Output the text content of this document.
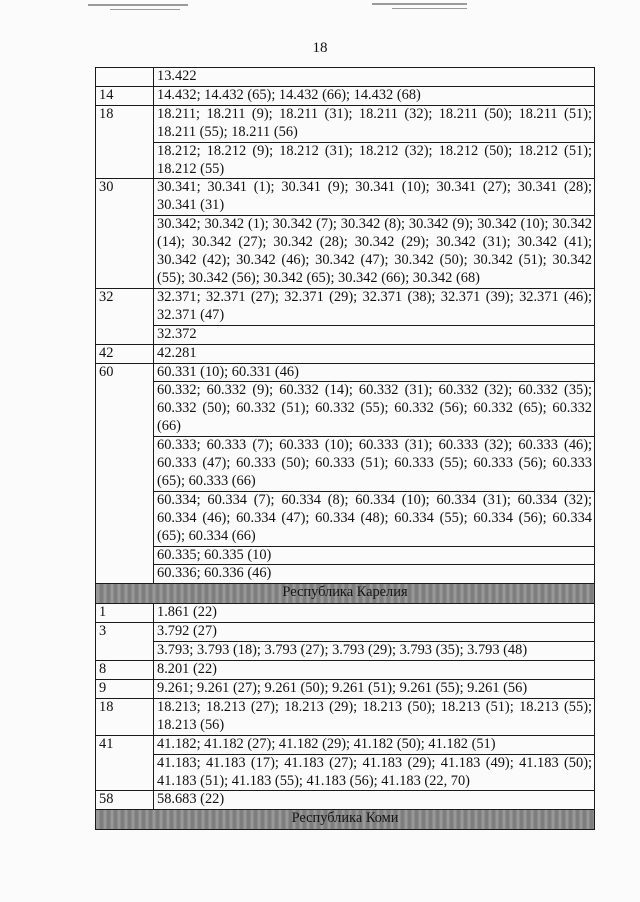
18
	13.422
14	14.432; 14.432 (65); 14.432 (66); 14.432 (68)
18	18.211; 18.211 (9); 18.211 (31); 18.211 (32); 18.211 (50); 18.211 (51); 18.211 (55); 18.211 (56)
	18.212; 18.212 (9); 18.212 (31); 18.212 (32); 18.212 (50); 18.212 (51); 18.212 (55)
30	30.341; 30.341 (1); 30.341 (9); 30.341 (10); 30.341 (27); 30.341 (28); 30.341 (31)
	30.342; 30.342 (1); 30.342 (7); 30.342 (8); 30.342 (9); 30.342 (10); 30.342 (14); 30.342 (27); 30.342 (28); 30.342 (29); 30.342 (31); 30.342 (41); 30.342 (42); 30.342 (46); 30.342 (47); 30.342 (50); 30.342 (51); 30.342 (55); 30.342 (56); 30.342 (65); 30.342 (66); 30.342 (68)
32	32.371; 32.371 (27); 32.371 (29); 32.371 (38); 32.371 (39); 32.371 (46); 32.371 (47)
	32.372
42	42.281
60	60.331 (10); 60.331 (46)
	60.332; 60.332 (9); 60.332 (14); 60.332 (31); 60.332 (32); 60.332 (35); 60.332 (50); 60.332 (51); 60.332 (55); 60.332 (56); 60.332 (65); 60.332 (66)
	60.333; 60.333 (7); 60.333 (10); 60.333 (31); 60.333 (32); 60.333 (46); 60.333 (47); 60.333 (50); 60.333 (51); 60.333 (55); 60.333 (56); 60.333 (65); 60.333 (66)
	60.334; 60.334 (7); 60.334 (8); 60.334 (10); 60.334 (31); 60.334 (32); 60.334 (46); 60.334 (47); 60.334 (48); 60.334 (55); 60.334 (56); 60.334 (65); 60.334 (66)
	60.335; 60.335 (10)
	60.336; 60.336 (46)
Республика Карелия	
1	1.861 (22)
3	3.792 (27)
	3.793; 3.793 (18); 3.793 (27); 3.793 (29); 3.793 (35); 3.793 (48)
8	8.201 (22)
9	9.261; 9.261 (27); 9.261 (50); 9.261 (51); 9.261 (55); 9.261 (56)
18	18.213; 18.213 (27); 18.213 (29); 18.213 (50); 18.213 (51); 18.213 (55); 18.213 (56)
41	41.182; 41.182 (27); 41.182 (29); 41.182 (50); 41.182 (51)
	41.183; 41.183 (17); 41.183 (27); 41.183 (29); 41.183 (49); 41.183 (50); 41.183 (51); 41.183 (55); 41.183 (56); 41.183 (22, 70)
58	58.683 (22)
Республика Коми	
